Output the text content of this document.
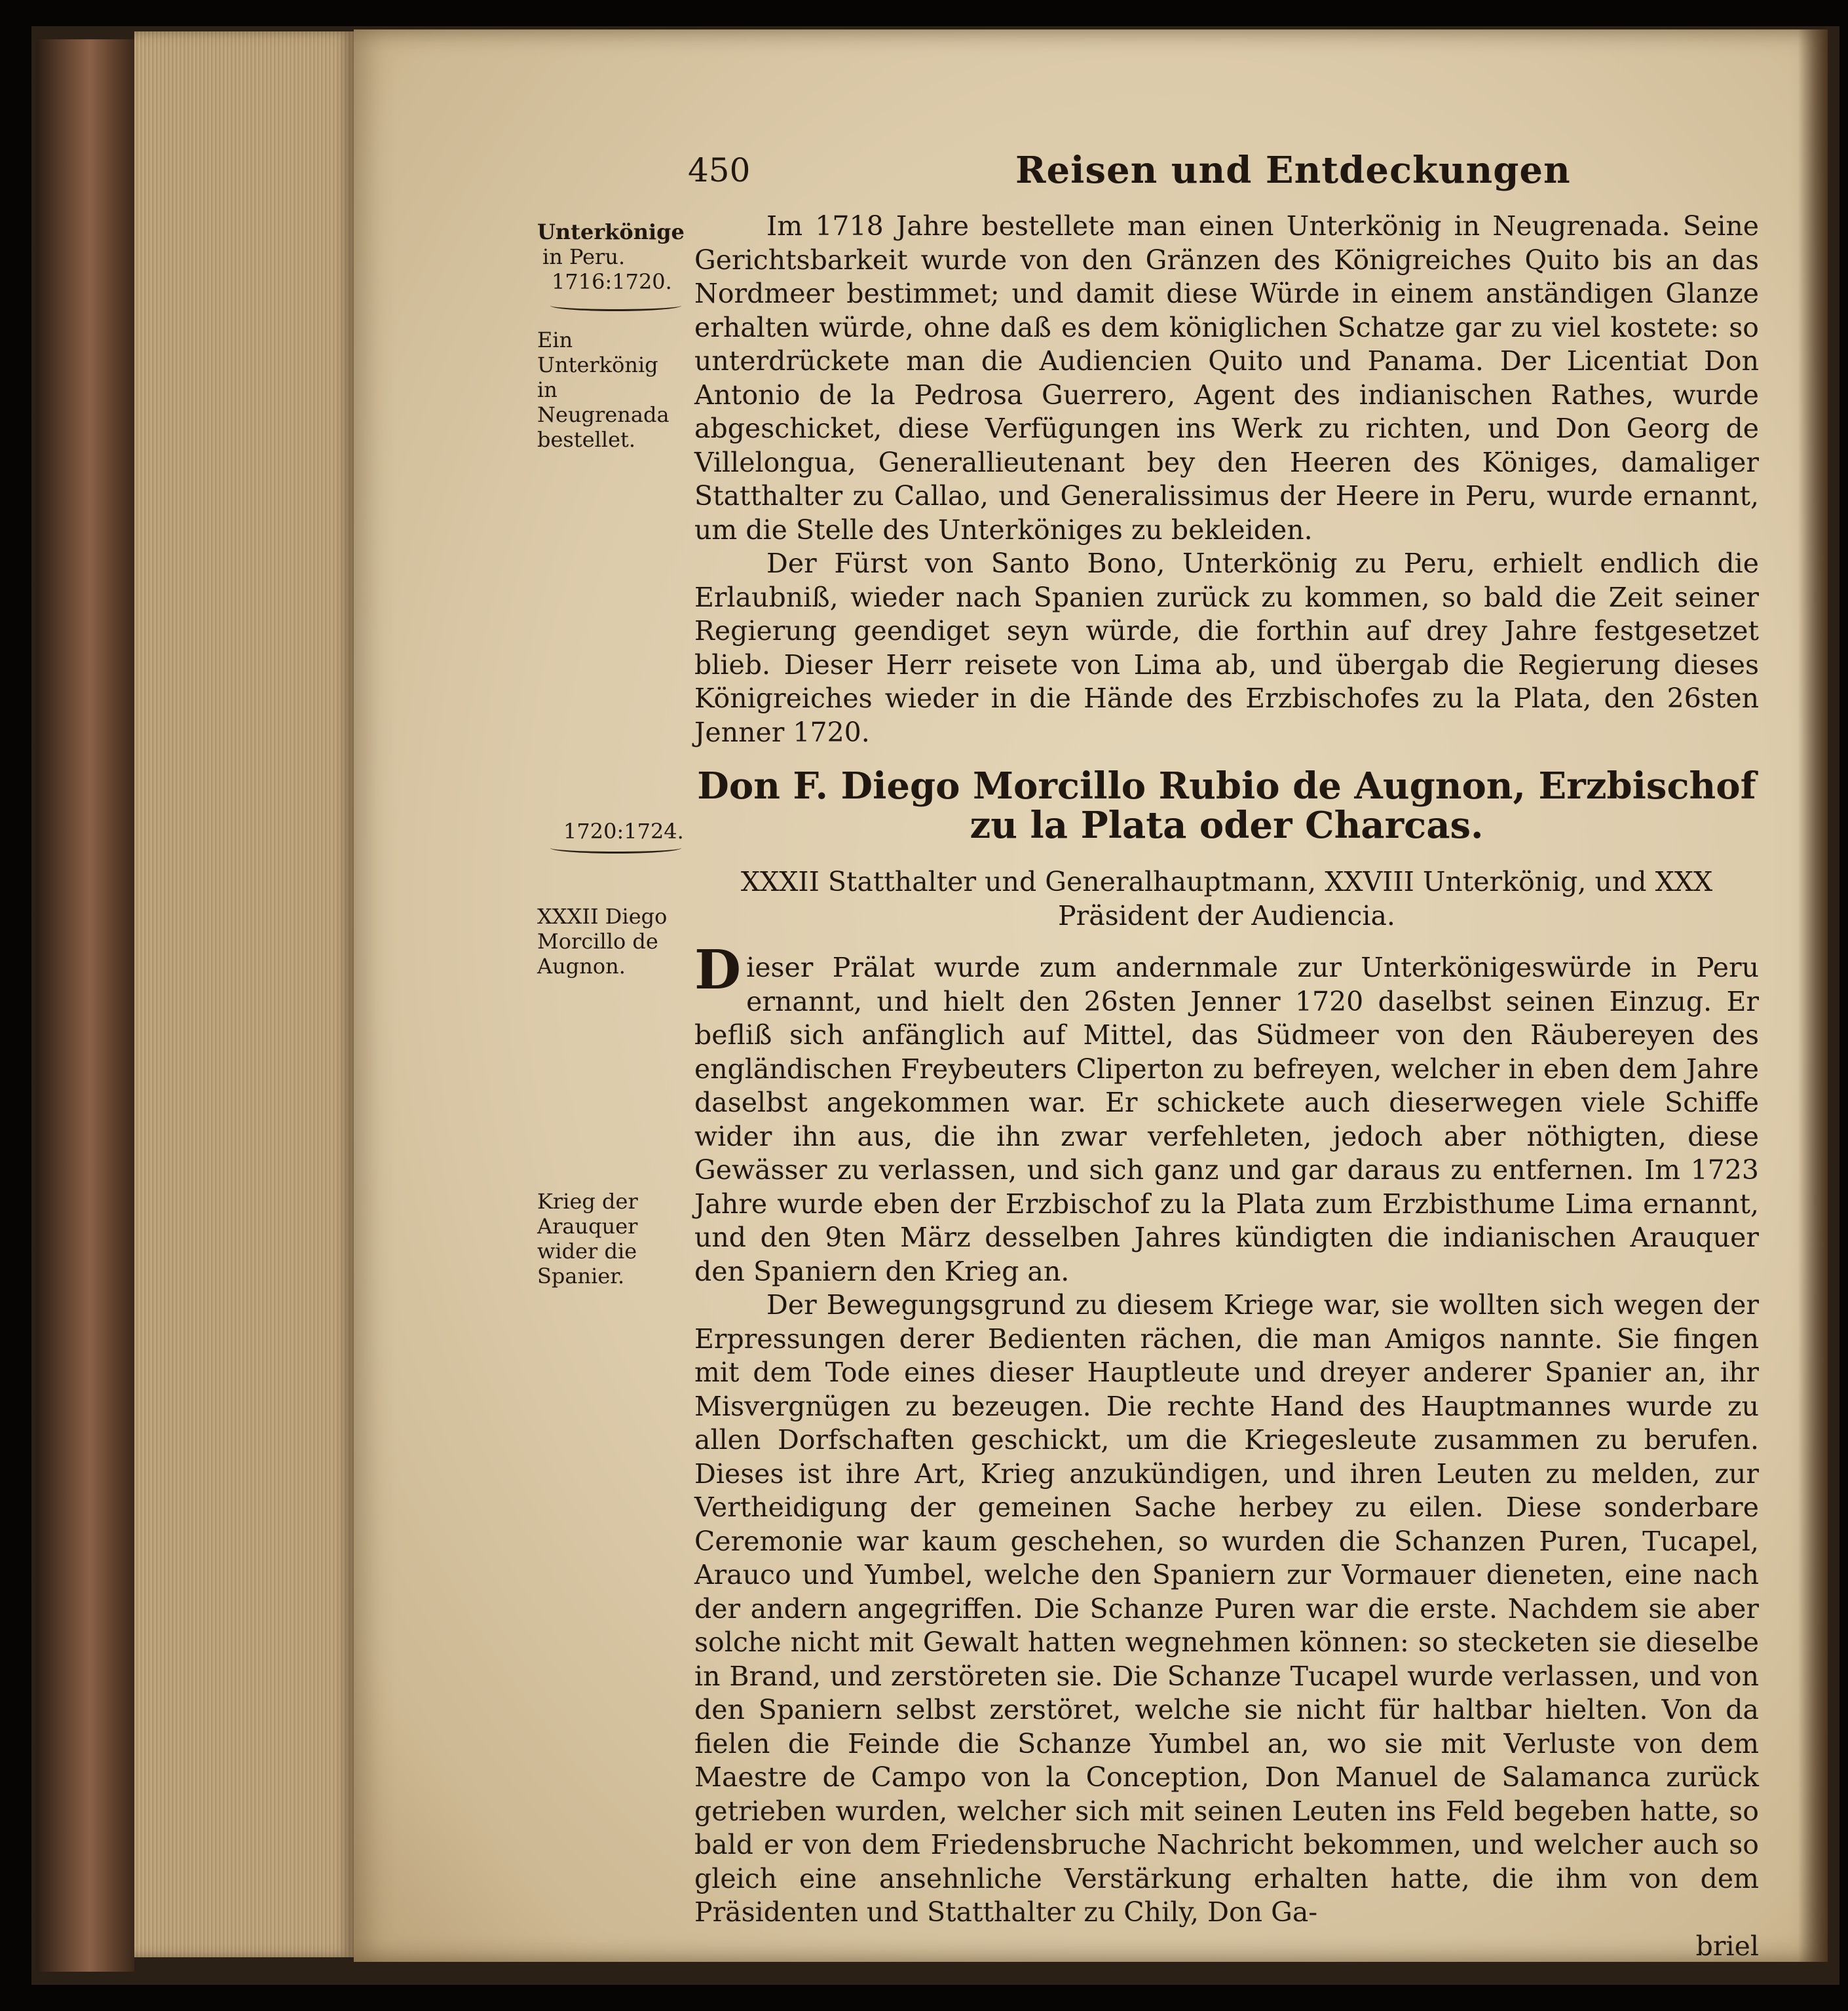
450	Reisen und Entdeckungen
Unterkönige
in Peru.
1716:1720.
Ein Unterkönig in Neugrenada bestellet.
1720:1724.
XXXII Diego Morcillo de Augnon.
Krieg der Arauquer wider die Spanier.

Im 1718 Jahre bestellete man einen Unterkönig in Neugrenada. Seine Gerichtsbarkeit wurde von den Gränzen des Königreiches Quito bis an das Nordmeer bestimmet; und damit diese Würde in einem anständigen Glanze erhalten würde, ohne daß es dem königlichen Schatze gar zu viel kostete: so unterdrückete man die Audiencien Quito und Panama. Der Licentiat Don Antonio de la Pedrosa Guerrero, Agent des indianischen Rathes, wurde abgeschicket, diese Verfügungen ins Werk zu richten, und Don Georg de Villelongua, Generallieutenant bey den Heeren des Königes, damaliger Statthalter zu Callao, und Generalissimus der Heere in Peru, wurde ernannt, um die Stelle des Unterköniges zu bekleiden.

Der Fürst von Santo Bono, Unterkönig zu Peru, erhielt endlich die Erlaubniß, wieder nach Spanien zurück zu kommen, so bald die Zeit seiner Regierung geendiget seyn würde, die forthin auf drey Jahre festgesetzet blieb. Dieser Herr reisete von Lima ab, und übergab die Regierung dieses Königreiches wieder in die Hände des Erzbischofes zu la Plata, den 26sten Jenner 1720.

Don F. Diego Morcillo Rubio de Augnon, Erzbischof zu la Plata oder Charcas.
XXXII Statthalter und Generalhauptmann, XXVIII Unterkönig, und XXX Präsident der Audiencia.

Dieser Prälat wurde zum andernmale zur Unterkönigeswürde in Peru ernannt, und hielt den 26sten Jenner 1720 daselbst seinen Einzug. Er befliß sich anfänglich auf Mittel, das Südmeer von den Räubereyen des engländischen Freybeuters Cliperton zu befreyen, welcher in eben dem Jahre daselbst angekommen war. Er schickete auch dieserwegen viele Schiffe wider ihn aus, die ihn zwar verfehleten, jedoch aber nöthigten, diese Gewässer zu verlassen, und sich ganz und gar daraus zu entfernen. Im 1723 Jahre wurde eben der Erzbischof zu la Plata zum Erzbisthume Lima ernannt, und den 9ten März desselben Jahres kündigten die indianischen Arauquer den Spaniern den Krieg an.

Der Bewegungsgrund zu diesem Kriege war, sie wollten sich wegen der Erpressungen derer Bedienten rächen, die man Amigos nannte. Sie fingen mit dem Tode eines dieser Hauptleute und dreyer anderer Spanier an, ihr Misvergnügen zu bezeugen. Die rechte Hand des Hauptmannes wurde zu allen Dorfschaften geschickt, um die Kriegesleute zusammen zu berufen. Dieses ist ihre Art, Krieg anzukündigen, und ihren Leuten zu melden, zur Vertheidigung der gemeinen Sache herbey zu eilen. Diese sonderbare Ceremonie war kaum geschehen, so wurden die Schanzen Puren, Tucapel, Arauco und Yumbel, welche den Spaniern zur Vormauer dieneten, eine nach der andern angegriffen. Die Schanze Puren war die erste. Nachdem sie aber solche nicht mit Gewalt hatten wegnehmen können: so stecketen sie dieselbe in Brand, und zerstöreten sie. Die Schanze Tucapel wurde verlassen, und von den Spaniern selbst zerstöret, welche sie nicht für haltbar hielten. Von da fielen die Feinde die Schanze Yumbel an, wo sie mit Verluste von dem Maestre de Campo von la Conception, Don Manuel de Salamanca zurück getrieben wurden, welcher sich mit seinen Leuten ins Feld begeben hatte, so bald er von dem Friedensbruche Nachricht bekommen, und welcher auch so gleich eine ansehnliche Verstärkung erhalten hatte, die ihm von dem Präsidenten und Statthalter zu Chily, Don Ga-

briel
